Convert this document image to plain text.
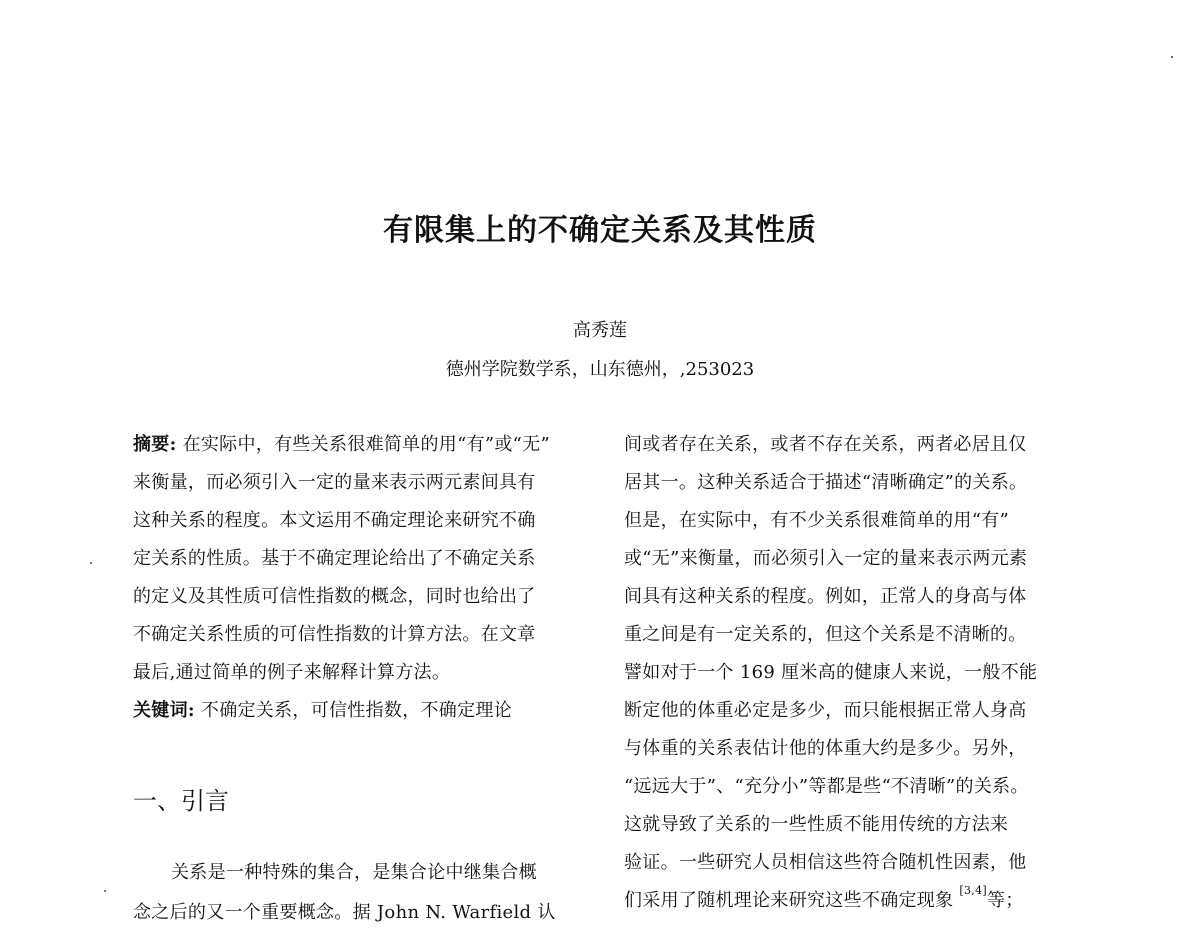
有限集上的不确定关系及其性质
高秀莲
德州学院数学系，山东德州，,253023
摘要: 在实际中，有些关系很难简单的用“有”或“无”
来衡量，而必须引入一定的量来表示两元素间具有
这种关系的程度。本文运用不确定理论来研究不确
定关系的性质。基于不确定理论给出了不确定关系
的定义及其性质可信性指数的概念，同时也给出了
不确定关系性质的可信性指数的计算方法。在文章
最后,通过简单的例子来解释计算方法。
关键词: 不确定关系，可信性指数，不确定理论
一、引言
关系是一种特殊的集合，是集合论中继集合概
念之后的又一个重要概念。据 John N. Warfield 认
间或者存在关系，或者不存在关系，两者必居且仅
居其一。这种关系适合于描述“清晰确定”的关系。
但是，在实际中，有不少关系很难简单的用“有”
或“无”来衡量，而必须引入一定的量来表示两元素
间具有这种关系的程度。例如，正常人的身高与体
重之间是有一定关系的，但这个关系是不清晰的。
譬如对于一个 169 厘米高的健康人来说，一般不能
断定他的体重必定是多少，而只能根据正常人身高
与体重的关系表估计他的体重大约是多少。另外，
“远远大于”、“充分小”等都是些“不清晰”的关系。
这就导致了关系的一些性质不能用传统的方法来
验证。一些研究人员相信这些符合随机性因素，他
们采用了随机理论来研究这些不确定现象 [3,4]等；
